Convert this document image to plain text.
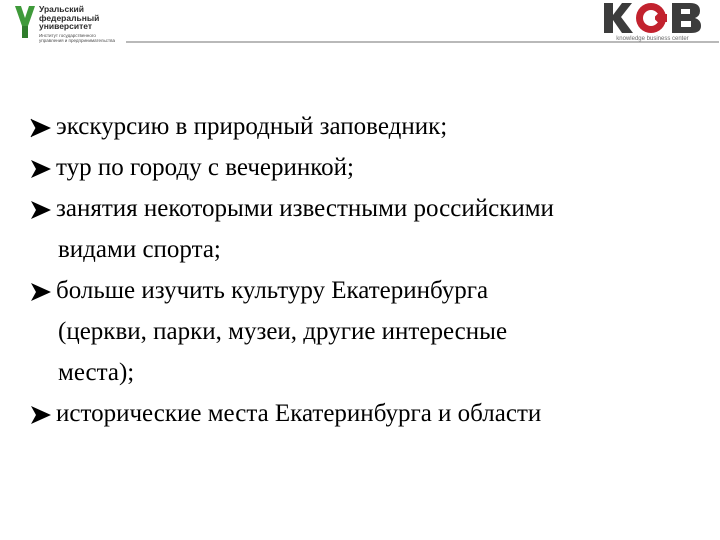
Уральский
федеральный
университет
Институт государственного
управления и предпринимательства	knowledge business center
экскурсию в природный заповедник;
тур по городу с вечеринкой;
занятия некоторыми известными российскими
видами спорта;
больше изучить культуру Екатеринбурга
(церкви, парки, музеи, другие интересные
места);
исторические места Екатеринбурга и области
